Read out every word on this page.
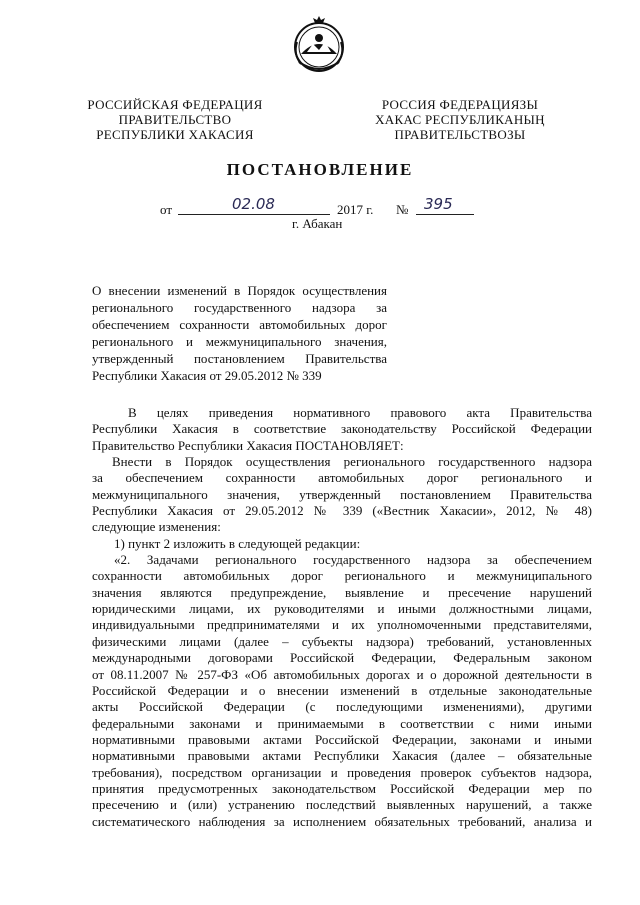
РОССИЙСКАЯ ФЕДЕРАЦИЯ
ПРАВИТЕЛЬСТВО
РЕСПУБЛИКИ ХАКАСИЯ
РОССИЯ ФЕДЕРАЦИЯЗЫ
ХАКАС РЕСПУБЛИКАНЫҢ
ПРАВИТЕЛЬСТВОЗЫ
ПОСТАНОВЛЕНИЕ
от	02.08	2017 г. № 395
г. Абакан
О внесении изменений в Порядок осуществления
регионального государственного надзора за
обеспечением сохранности автомобильных дорог
регионального и межмуниципального значения,
утвержденный постановлением Правительства
Республики Хакасия от 29.05.2012 № 339
В целях приведения нормативного правового акта Правительства
Республики Хакасия в соответствие законодательству Российской Федерации
Правительство Республики Хакасия ПОСТАНОВЛЯЕТ:
Внести в Порядок осуществления регионального государственного надзора
за обеспечением сохранности автомобильных дорог регионального и
межмуниципального значения, утвержденный постановлением Правительства
Республики Хакасия от 29.05.2012 № 339 («Вестник Хакасии», 2012, № 48)
следующие изменения:
1) пункт 2 изложить в следующей редакции:
«2. Задачами регионального государственного надзора за обеспечением
сохранности автомобильных дорог регионального и межмуниципального
значения являются предупреждение, выявление и пресечение нарушений
юридическими лицами, их руководителями и иными должностными лицами,
индивидуальными предпринимателями и их уполномоченными представителями,
физическими лицами (далее – субъекты надзора) требований, установленных
международными договорами Российской Федерации, Федеральным законом
от 08.11.2007 № 257-ФЗ «Об автомобильных дорогах и о дорожной деятельности в
Российской Федерации и о внесении изменений в отдельные законодательные
акты Российской Федерации (с последующими изменениями), другими
федеральными законами и принимаемыми в соответствии с ними иными
нормативными правовыми актами Российской Федерации, законами и иными
нормативными правовыми актами Республики Хакасия (далее – обязательные
требования), посредством организации и проведения проверок субъектов надзора,
принятия предусмотренных законодательством Российской Федерации мер по
пресечению и (или) устранению последствий выявленных нарушений, а также
систематического наблюдения за исполнением обязательных требований, анализа и
